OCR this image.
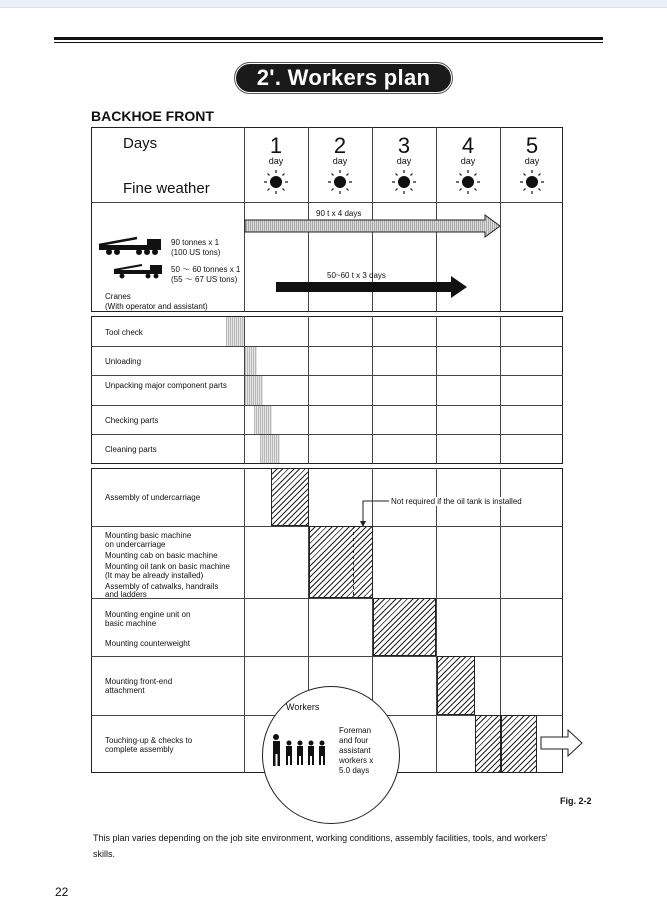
2'. Workers plan
BACKHOE FRONT
Days
Fine weather
1	2	3	4	5
day	day	day	day	day
90 tonnes x 1
(100 US tons)
50 ～ 60 tonnes x 1
(55 ～ 67 US tons)
Cranes
(With operator and assistant)
90 t x 4 days
50~60 t x 3 days
Tool check
Unloading
Unpacking major component parts
Checking parts
Cleaning parts
Not required if the oil tank is installed
Assembly of undercarriage
Mounting basic machine
on undercarriage
Mounting cab on basic machine
Mounting oil tank on basic machine
(It may be already installed)
Assembly of catwalks, handrails
and ladders
Mounting engine unit on
basic machine
Mounting counterweight
Mounting front-end
attachment
Touching-up & checks to
complete assembly
Workers
Foreman
and four
assistant
workers x
5.0 days
Fig. 2-2
This plan varies depending on the job site environment, working conditions, assembly facilities, tools, and workers' skills.
22
